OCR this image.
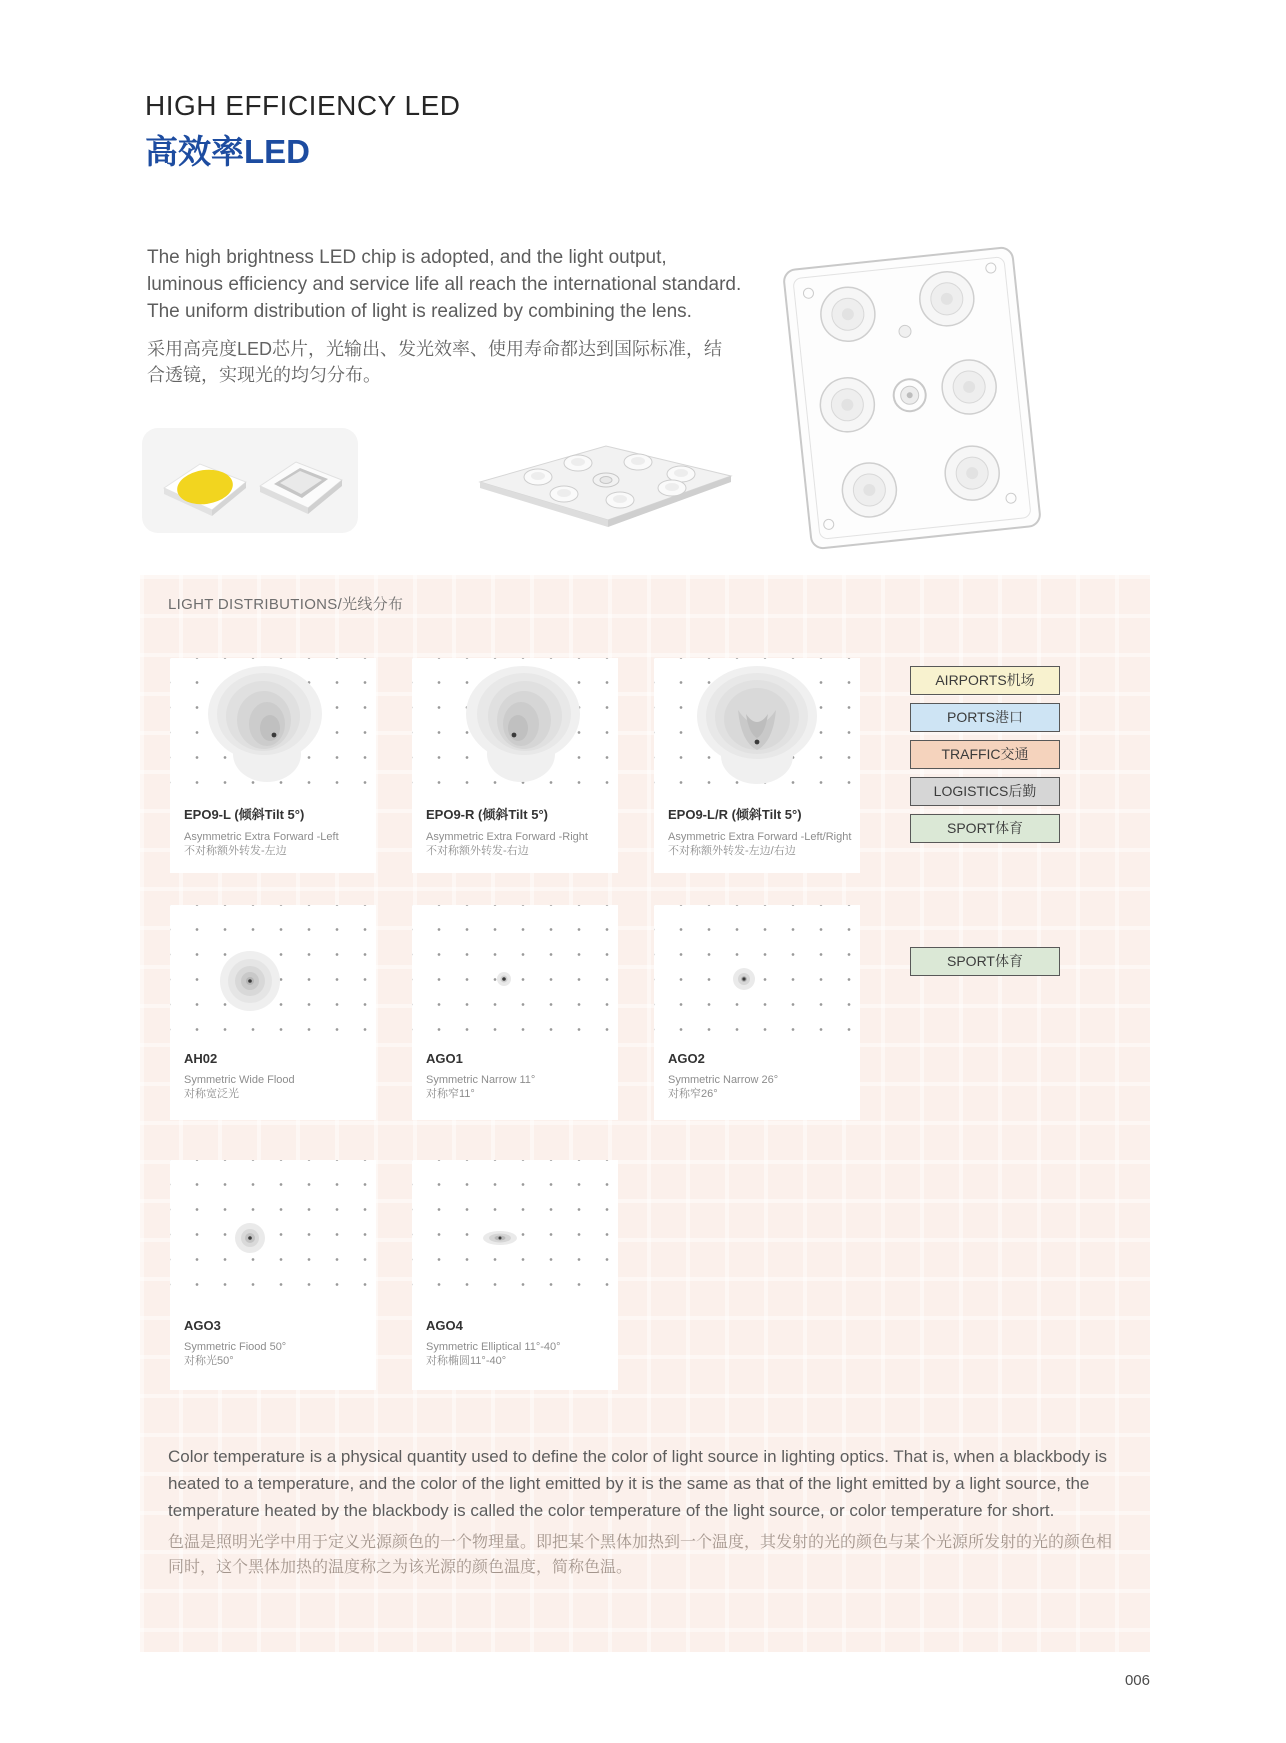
HIGH EFFICIENCY LED
高效率LED
The high brightness LED chip is adopted, and the light output,
luminous efficiency and service life all reach the international standard.
The uniform distribution of light is realized by combining the lens.
采用高亮度LED芯片，光输出、发光效率、使用寿命都达到国际标准，结
合透镜，实现光的均匀分布。
LIGHT DISTRIBUTIONS/光线分布
EPO9-L (倾斜Tilt 5°)
Asymmetric Extra Forward -Left
不对称额外转发-左边
EPO9-R (倾斜Tilt 5°)
Asymmetric Extra Forward -Right
不对称额外转发-右边
EPO9-L/R (倾斜Tilt 5°)
Asymmetric Extra Forward -Left/Right
不对称额外转发-左边/右边
AH02
Symmetric Wide Flood
对称宽泛光
AGO1
Symmetric Narrow 11°
对称窄11°
AGO2
Symmetric Narrow 26°
对称窄26°
AGO3
Symmetric Fiood 50°
对称光50°
AGO4
Symmetric Elliptical 11°-40°
对称椭圆11°-40°
AIRPORTS机场
PORTS港口
TRAFFIC交通
LOGISTICS后勤
SPORT体育
SPORT体育
Color temperature is a physical quantity used to define the color of light source in lighting optics. That is, when a blackbody is heated to a temperature, and the color of the light emitted by it is the same as that of the light emitted by a light source, the temperature heated by the blackbody is called the color temperature of the light source, or color temperature for short.
色温是照明光学中用于定义光源颜色的一个物理量。即把某个黑体加热到一个温度，其发射的光的颜色与某个光源所发射的光的颜色相同时，这个黑体加热的温度称之为该光源的颜色温度，简称色温。
006
